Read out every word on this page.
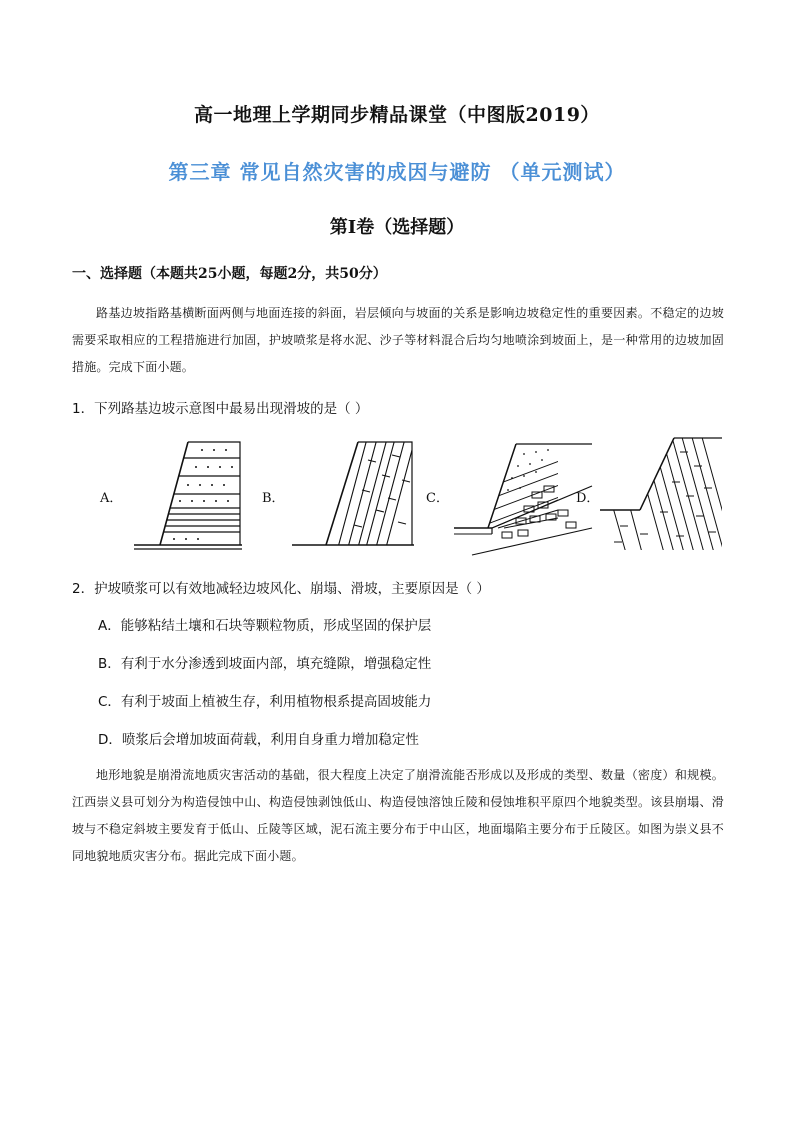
高一地理上学期同步精品课堂（中图版2019）
第三章 常见自然灾害的成因与避防 （单元测试）
第I卷（选择题）
一、选择题（本题共25小题，每题2分，共50分）
路基边坡指路基横断面两侧与地面连接的斜面，岩层倾向与坡面的关系是影响边坡稳定性的重要因素。不稳定的边坡需要采取相应的工程措施进行加固，护坡喷浆是将水泥、沙子等材料混合后均匀地喷涂到坡面上，是一种常用的边坡加固措施。完成下面小题。
1．下列路基边坡示意图中最易出现滑坡的是（ ）
A．	B．	C．	D．
2．护坡喷浆可以有效地减轻边坡风化、崩塌、滑坡，主要原因是（ ）
A．能够粘结土壤和石块等颗粒物质，形成坚固的保护层
B．有利于水分渗透到坡面内部，填充缝隙，增强稳定性
C．有利于坡面上植被生存，利用植物根系提高固坡能力
D．喷浆后会增加坡面荷载，利用自身重力增加稳定性
地形地貌是崩滑流地质灾害活动的基础，很大程度上决定了崩滑流能否形成以及形成的类型、数量（密度）和规模。江西崇义县可划分为构造侵蚀中山、构造侵蚀剥蚀低山、构造侵蚀溶蚀丘陵和侵蚀堆积平原四个地貌类型。该县崩塌、滑坡与不稳定斜坡主要发育于低山、丘陵等区域，泥石流主要分布于中山区，地面塌陷主要分布于丘陵区。如图为崇义县不同地貌地质灾害分布。据此完成下面小题。
